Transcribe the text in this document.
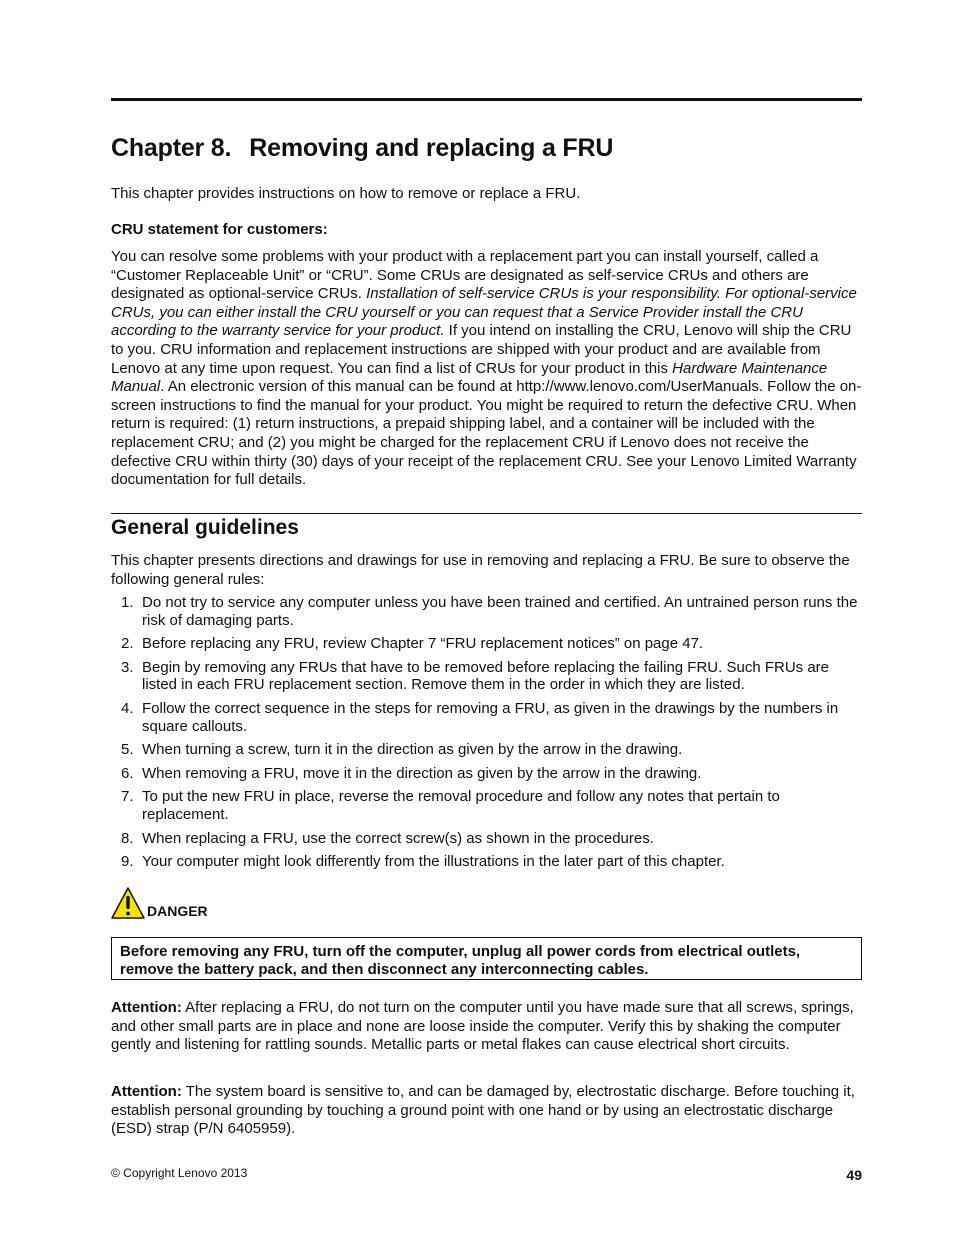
Chapter 8. Removing and replacing a FRU

This chapter provides instructions on how to remove or replace a FRU.

CRU statement for customers:

You can resolve some problems with your product with a replacement part you can install yourself, called a “Customer Replaceable Unit” or “CRU”. Some CRUs are designated as self-service CRUs and others are designated as optional-service CRUs. Installation of self-service CRUs is your responsibility. For optional-service CRUs, you can either install the CRU yourself or you can request that a Service Provider install the CRU according to the warranty service for your product. If you intend on installing the CRU, Lenovo will ship the CRU to you. CRU information and replacement instructions are shipped with your product and are available from Lenovo at any time upon request. You can find a list of CRUs for your product in this Hardware Maintenance Manual. An electronic version of this manual can be found at http://www.lenovo.com/UserManuals. Follow the on-screen instructions to find the manual for your product. You might be required to return the defective CRU. When return is required: (1) return instructions, a prepaid shipping label, and a container will be included with the replacement CRU; and (2) you might be charged for the replacement CRU if Lenovo does not receive the defective CRU within thirty (30) days of your receipt of the replacement CRU. See your Lenovo Limited Warranty documentation for full details.

General guidelines

This chapter presents directions and drawings for use in removing and replacing a FRU. Be sure to observe the following general rules:

1. Do not try to service any computer unless you have been trained and certified. An untrained person runs the risk of damaging parts.
2. Before replacing any FRU, review Chapter 7 “FRU replacement notices” on page 47.
3. Begin by removing any FRUs that have to be removed before replacing the failing FRU. Such FRUs are listed in each FRU replacement section. Remove them in the order in which they are listed.
4. Follow the correct sequence in the steps for removing a FRU, as given in the drawings by the numbers in square callouts.
5. When turning a screw, turn it in the direction as given by the arrow in the drawing.
6. When removing a FRU, move it in the direction as given by the arrow in the drawing.
7. To put the new FRU in place, reverse the removal procedure and follow any notes that pertain to replacement.
8. When replacing a FRU, use the correct screw(s) as shown in the procedures.
9. Your computer might look differently from the illustrations in the later part of this chapter.
DANGER
Before removing any FRU, turn off the computer, unplug all power cords from electrical outlets, remove the battery pack, and then disconnect any interconnecting cables.

Attention: After replacing a FRU, do not turn on the computer until you have made sure that all screws, springs, and other small parts are in place and none are loose inside the computer. Verify this by shaking the computer gently and listening for rattling sounds. Metallic parts or metal flakes can cause electrical short circuits.

Attention: The system board is sensitive to, and can be damaged by, electrostatic discharge. Before touching it, establish personal grounding by touching a ground point with one hand or by using an electrostatic discharge (ESD) strap (P/N 6405959).

© Copyright Lenovo 2013	49
